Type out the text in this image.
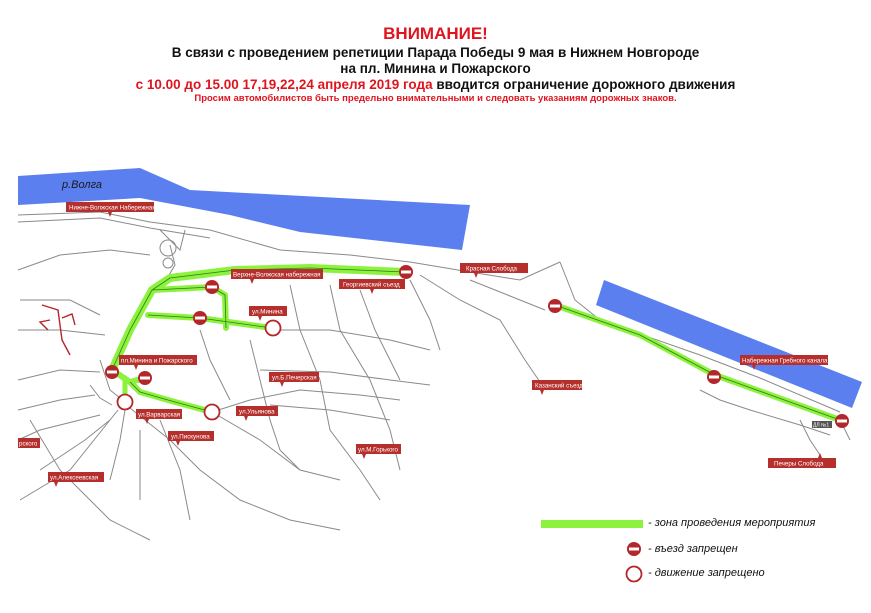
ВНИМАНИЕ!
В связи с проведением репетиции Парада Победы 9 мая в Нижнем Новгороде
на пл. Минина и Пожарского
с 10.00 до 15.00 17,19,22,24 апреля 2019 года вводится ограничение дорожного движения
Просим автомобилистов быть предельно внимательными и следовать указаниям дорожных знаков.
р.Волга
Нижне-Волжская Набережная
Верхне-Волжская набережная
Георгиевский съезд
Красная Слобода
ул.Минина
пл.Минина и Пожарского
ул.Б.Печерская
ул.Варварская	ул.Ульянова
ул.Пискунова
ул.М.Горького
ул.Алексеевская
рского
Казанский съезд
Набережная Гребного канала
Печеры Слобода
ДЛ №1
- зона проведения мероприятия
- въезд запрещен
- движение запрещено
